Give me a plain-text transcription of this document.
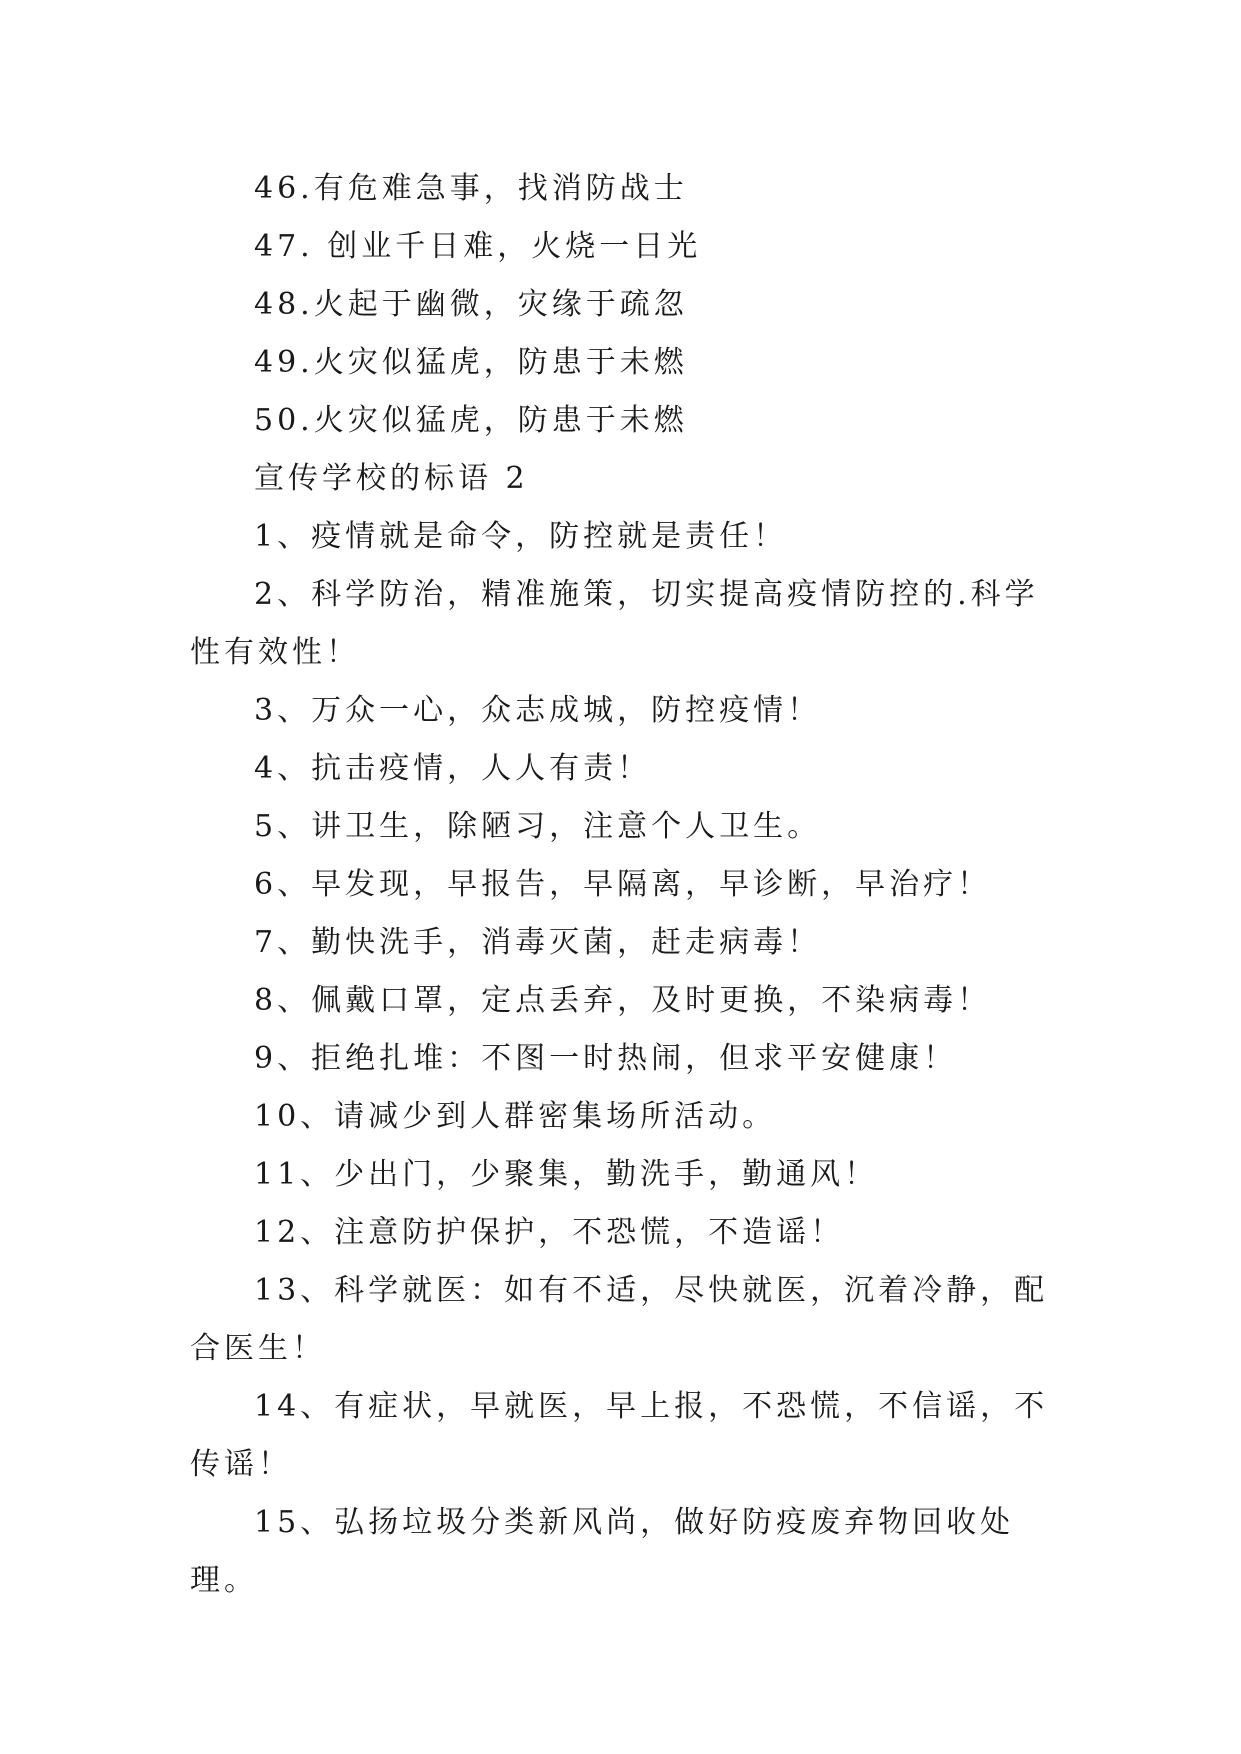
46.有危难急事，找消防战士

47. 创业千日难，火烧一日光

48.火起于幽微，灾缘于疏忽

49.火灾似猛虎，防患于未燃

50.火灾似猛虎，防患于未燃

宣传学校的标语 2

1、疫情就是命令，防控就是责任！

2、科学防治，精准施策，切实提高疫情防控的.科学性有效性！

3、万众一心，众志成城，防控疫情！

4、抗击疫情，人人有责！

5、讲卫生，除陋习，注意个人卫生。

6、早发现，早报告，早隔离，早诊断，早治疗！

7、勤快洗手，消毒灭菌，赶走病毒！

8、佩戴口罩，定点丢弃，及时更换，不染病毒！

9、拒绝扎堆：不图一时热闹，但求平安健康！

10、请减少到人群密集场所活动。

11、少出门，少聚集，勤洗手，勤通风！

12、注意防护保护，不恐慌，不造谣！

13、科学就医：如有不适，尽快就医，沉着冷静，配合医生！

14、有症状，早就医，早上报，不恐慌，不信谣，不传谣！

15、弘扬垃圾分类新风尚，做好防疫废弃物回收处理。
